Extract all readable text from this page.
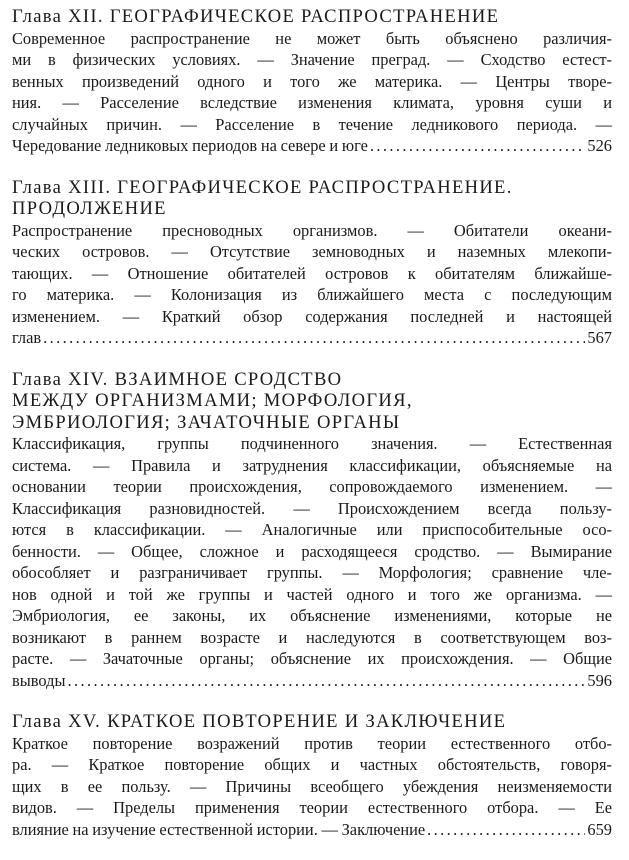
Глава XII. ГЕОГРАФИЧЕСКОЕ РАСПРОСТРАНЕНИЕ
Современное распространение не может быть объяснено различия-
ми в физических условиях. — Значение преград. — Сходство естест-
венных произведений одного и того же материка. — Центры творе-
ния. — Расселение вследствие изменения климата, уровня суши и
случайных причин. — Расселение в течение ледникового периода. —
Чередование ледниковых периодов на севере и юге .....	526
Глава XIII. ГЕОГРАФИЧЕСКОЕ РАСПРОСТРАНЕНИЕ.
ПРОДОЛЖЕНИЕ
Распространение пресноводных организмов. — Обитатели океани-
ческих островов. — Отсутствие земноводных и наземных млекопи-
тающих. — Отношение обитателей островов к обитателям ближайше-
го материка. — Колонизация из ближайшего места с последующим
изменением. — Краткий обзор содержания последней и настоящей
глав .....	567
Глава XIV. ВЗАИМНОЕ СРОДСТВО
МЕЖДУ ОРГАНИЗМАМИ; МОРФОЛОГИЯ,
ЭМБРИОЛОГИЯ; ЗАЧАТОЧНЫЕ ОРГАНЫ
Классификация, группы подчиненного значения. — Естественная
система. — Правила и затруднения классификации, объясняемые на
основании теории происхождения, сопровождаемого изменением. —
Классификация разновидностей. — Происхождением всегда пользу-
ются в классификации. — Аналогичные или приспособительные осо-
бенности. — Общее, сложное и расходящееся сродство. — Вымирание
обособляет и разграничивает группы. — Морфология; сравнение чле-
нов одной и той же группы и частей одного и того же организма. —
Эмбриология, ее законы, их объяснение изменениями, которые не
возникают в раннем возрасте и наследуются в соответствующем воз-
расте. — Зачаточные органы; объяснение их происхождения. — Общие
выводы .....	596
Глава XV. КРАТКОЕ ПОВТОРЕНИЕ И ЗАКЛЮЧЕНИЕ
Краткое повторение возражений против теории естественного отбо-
ра. — Краткое повторение общих и частных обстоятельств, говоря-
щих в ее пользу. — Причины всеобщего убеждения неизменяемости
видов. — Пределы применения теории естественного отбора. — Ее
влияние на изучение естественной истории. — Заключение .....	659
